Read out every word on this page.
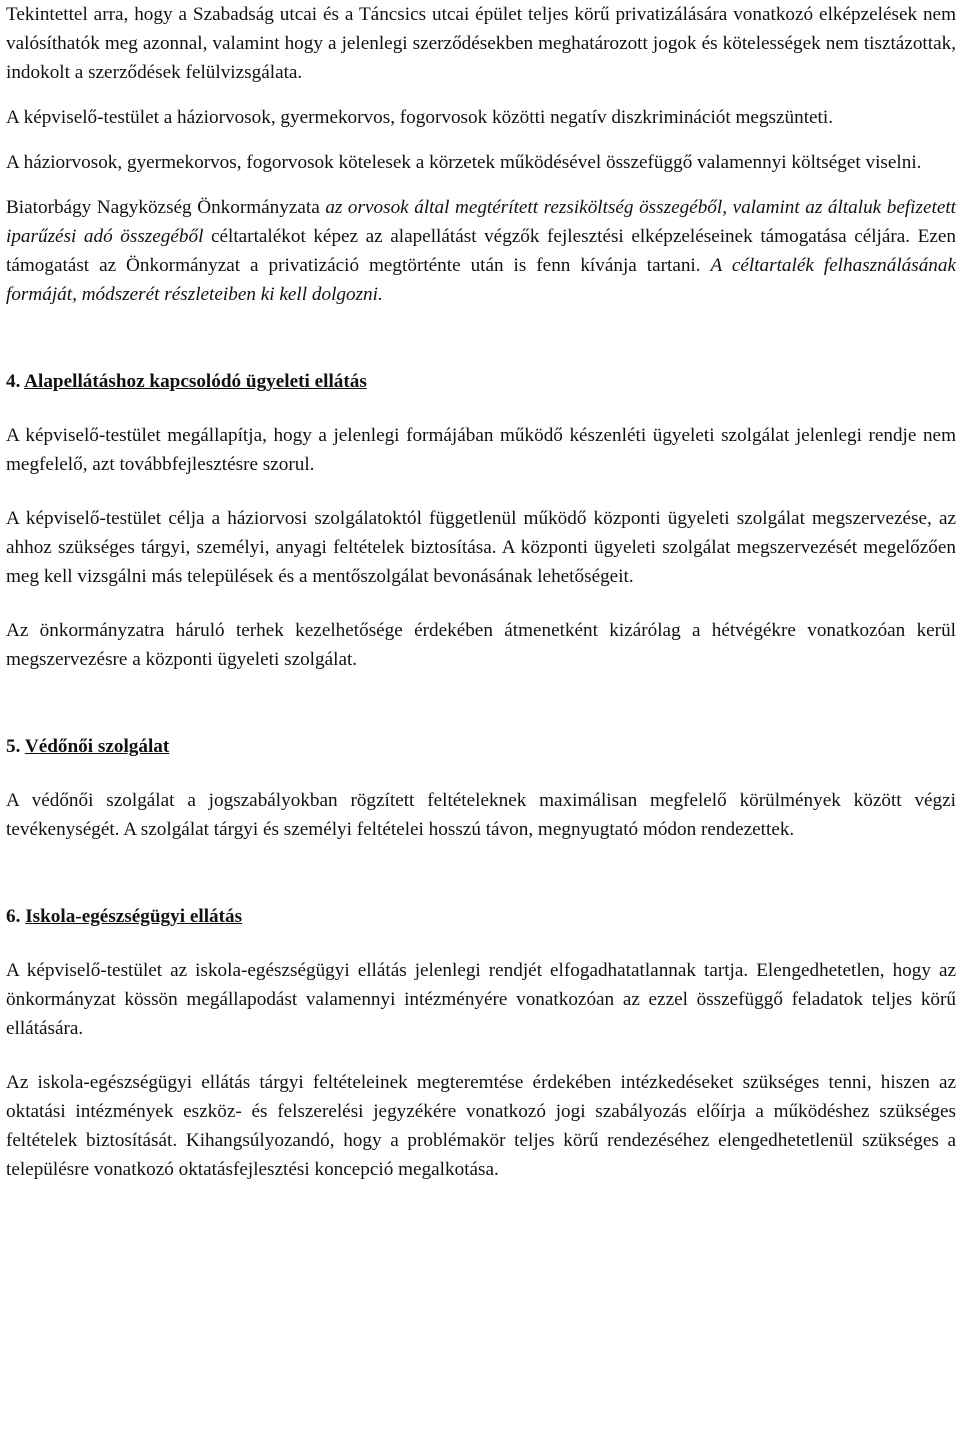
Tekintettel arra, hogy a Szabadság utcai és a Táncsics utcai épület teljes körű privatizálására vonatkozó elképzelések nem valósíthatók meg azonnal, valamint hogy a jelenlegi szerződésekben meghatározott jogok és kötelességek nem tisztázottak, indokolt a szerződések felülvizsgálata.

A képviselő-testület a háziorvosok, gyermekorvos, fogorvosok közötti negatív diszkriminációt megszünteti.

A háziorvosok, gyermekorvos, fogorvosok kötelesek a körzetek működésével összefüggő valamennyi költséget viselni.

Biatorbágy Nagyközség Önkormányzata az orvosok által megtérített rezsiköltség összegéből, valamint az általuk befizetett iparűzési adó összegéből céltartalékot képez az alapellátást végzők fejlesztési elképzeléseinek támogatása céljára. Ezen támogatást az Önkormányzat a privatizáció megtörténte után is fenn kívánja tartani. A céltartalék felhasználásának formáját, módszerét részleteiben ki kell dolgozni.

4. Alapellátáshoz kapcsolódó ügyeleti ellátás

A képviselő-testület megállapítja, hogy a jelenlegi formájában működő készenléti ügyeleti szolgálat jelenlegi rendje nem megfelelő, azt továbbfejlesztésre szorul.

A képviselő-testület célja a háziorvosi szolgálatoktól függetlenül működő központi ügyeleti szolgálat megszervezése, az ahhoz szükséges tárgyi, személyi, anyagi feltételek biztosítása. A központi ügyeleti szolgálat megszervezését megelőzően meg kell vizsgálni más települések és a mentőszolgálat bevonásának lehetőségeit.

Az önkormányzatra háruló terhek kezelhetősége érdekében átmenetként kizárólag a hétvégékre vonatkozóan kerül megszervezésre a központi ügyeleti szolgálat.

5. Védőnői szolgálat

A védőnői szolgálat a jogszabályokban rögzített feltételeknek maximálisan megfelelő körülmények között végzi tevékenységét. A szolgálat tárgyi és személyi feltételei hosszú távon, megnyugtató módon rendezettek.

6. Iskola-egészségügyi ellátás

A képviselő-testület az iskola-egészségügyi ellátás jelenlegi rendjét elfogadhatatlannak tartja. Elengedhetetlen, hogy az önkormányzat kössön megállapodást valamennyi intézményére vonatkozóan az ezzel összefüggő feladatok teljes körű ellátására.

Az iskola-egészségügyi ellátás tárgyi feltételeinek megteremtése érdekében intézkedéseket szükséges tenni, hiszen az oktatási intézmények eszköz- és felszerelési jegyzékére vonatkozó jogi szabályozás előírja a működéshez szükséges feltételek biztosítását. Kihangsúlyozandó, hogy a problémakör teljes körű rendezéséhez elengedhetetlenül szükséges a településre vonatkozó oktatásfejlesztési koncepció megalkotása.
